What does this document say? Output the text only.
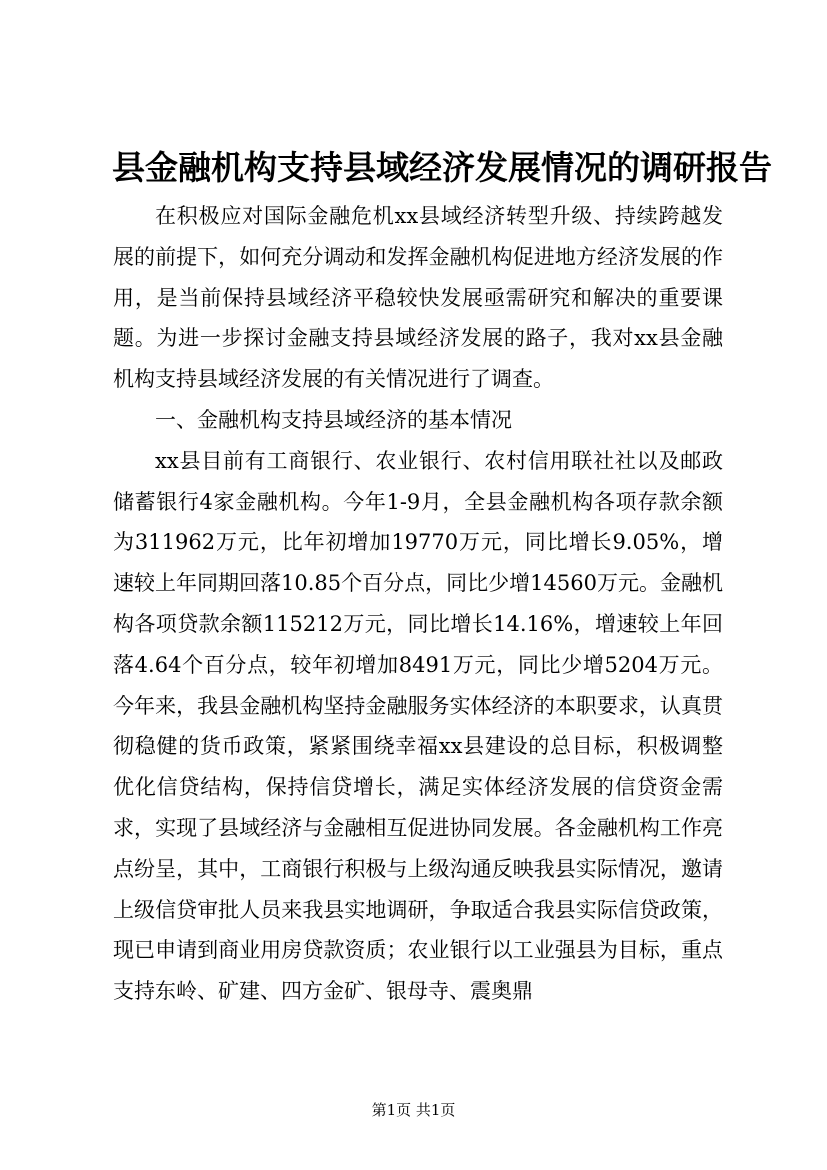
县金融机构支持县域经济发展情况的调研报告

在积极应对国际金融危机xx县域经济转型升级、持续跨越发展的前提下，如何充分调动和发挥金融机构促进地方经济发展的作用，是当前保持县域经济平稳较快发展亟需研究和解决的重要课题。为进一步探讨金融支持县域经济发展的路子，我对xx县金融机构支持县域经济发展的有关情况进行了调查。

一、金融机构支持县域经济的基本情况

xx县目前有工商银行、农业银行、农村信用联社社以及邮政储蓄银行4家金融机构。今年1-9月，全县金融机构各项存款余额为311962万元，比年初增加19770万元，同比增长9.05%，增速较上年同期回落10.85个百分点，同比少增14560万元。金融机构各项贷款余额115212万元，同比增长14.16%，增速较上年回落4.64个百分点，较年初增加8491万元，同比少增5204万元。今年来，我县金融机构坚持金融服务实体经济的本职要求，认真贯彻稳健的货币政策，紧紧围绕幸福xx县建设的总目标，积极调整优化信贷结构，保持信贷增长，满足实体经济发展的信贷资金需求，实现了县域经济与金融相互促进协同发展。各金融机构工作亮点纷呈，其中，工商银行积极与上级沟通反映我县实际情况，邀请上级信贷审批人员来我县实地调研，争取适合我县实际信贷政策，现已申请到商业用房贷款资质；农业银行以工业强县为目标，重点支持东岭、矿建、四方金矿、银母寺、震奥鼎

第1页 共1页
